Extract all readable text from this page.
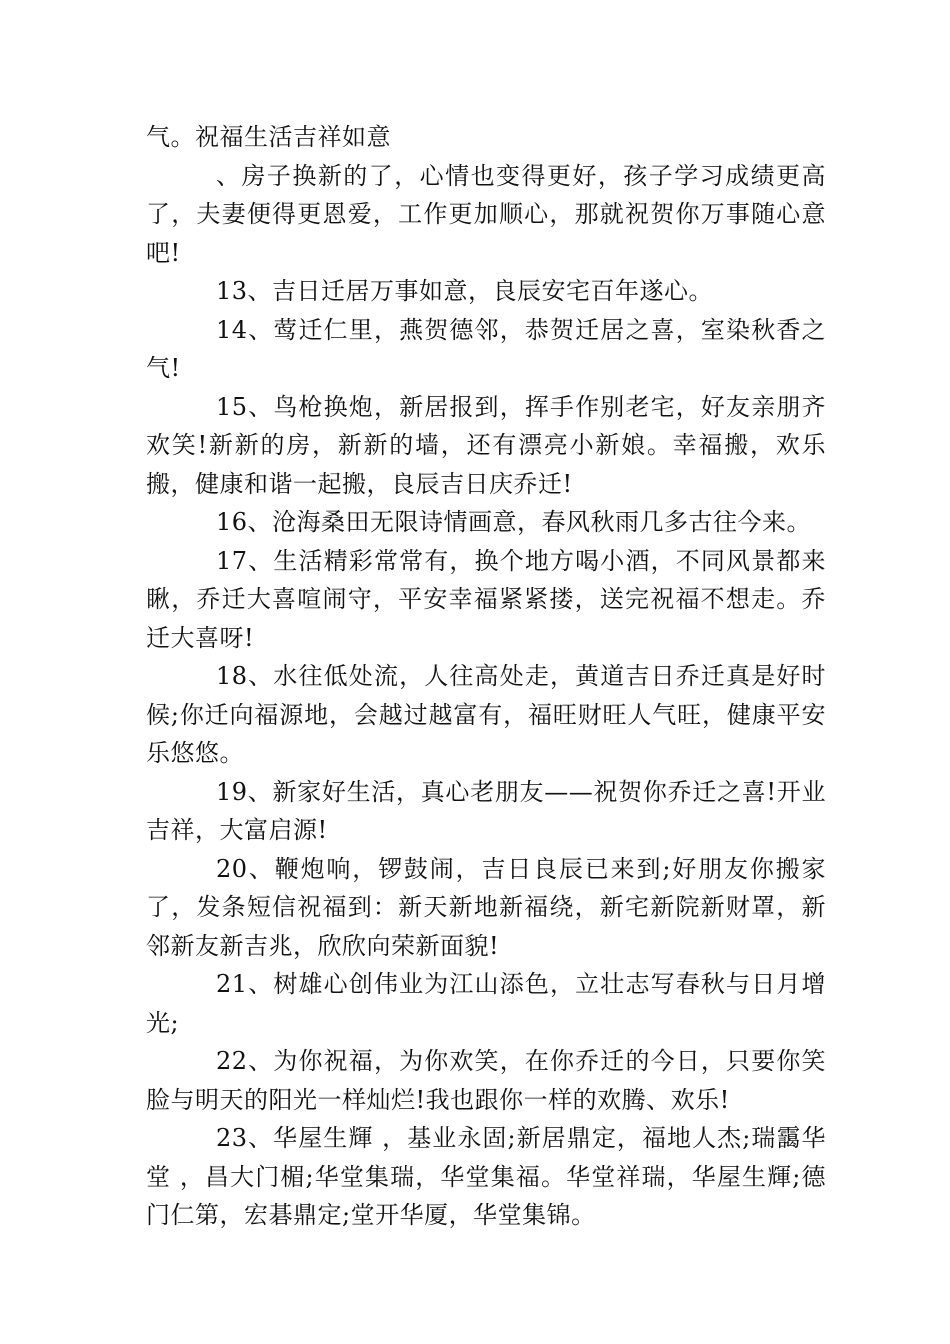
气。祝福生活吉祥如意

、房子换新的了，心情也变得更好，孩子学习成绩更高了，夫妻便得更恩爱，工作更加顺心，那就祝贺你万事随心意吧!

13、吉日迁居万事如意，良辰安宅百年遂心。

14、莺迁仁里，燕贺德邻，恭贺迁居之喜，室染秋香之气!

15、鸟枪换炮，新居报到，挥手作别老宅，好友亲朋齐欢笑!新新的房，新新的墙，还有漂亮小新娘。幸福搬，欢乐搬，健康和谐一起搬，良辰吉日庆乔迁!

16、沧海桑田无限诗情画意，春风秋雨几多古往今来。

17、生活精彩常常有，换个地方喝小酒，不同风景都来瞅，乔迁大喜喧闹守，平安幸福紧紧搂，送完祝福不想走。乔迁大喜呀!

18、水往低处流，人往高处走，黄道吉日乔迁真是好时候;你迁向福源地，会越过越富有，福旺财旺人气旺，健康平安乐悠悠。

19、新家好生活，真心老朋友——祝贺你乔迁之喜!开业吉祥，大富启源!

20、鞭炮响，锣鼓闹，吉日良辰已来到;好朋友你搬家了，发条短信祝福到：新天新地新福绕，新宅新院新财罩，新邻新友新吉兆，欣欣向荣新面貌!

21、树雄心创伟业为江山添色，立壮志写春秋与日月增光;

22、为你祝福，为你欢笑，在你乔迁的今日，只要你笑脸与明天的阳光一样灿烂!我也跟你一样的欢腾、欢乐!

23、华屋生輝 ，基业永固;新居鼎定，福地人杰;瑞靄华堂 ，昌大门楣;华堂集瑞，华堂集福。华堂祥瑞，华屋生輝;德门仁第，宏碁鼎定;堂开华厦，华堂集锦。
